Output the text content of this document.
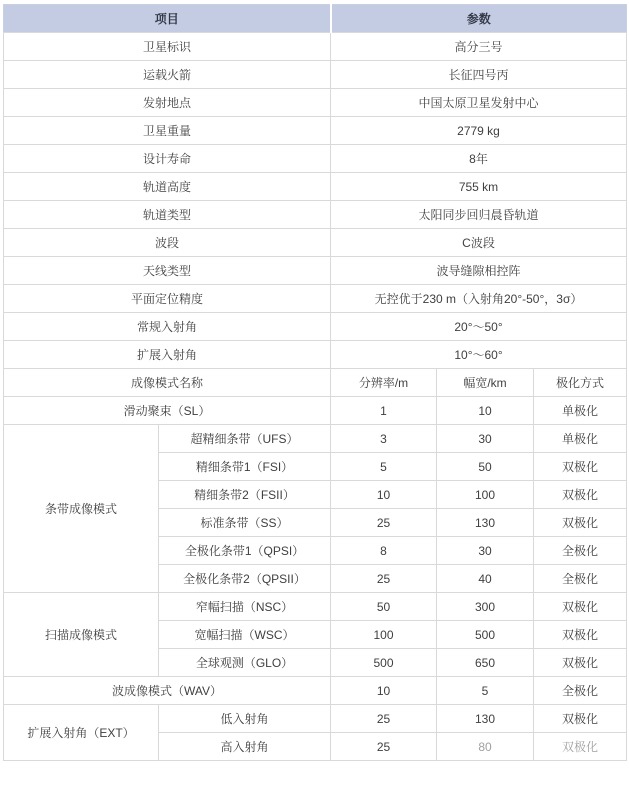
项目		参数		
卫星标识		高分三号		
运载火箭		长征四号丙		
发射地点		中国太原卫星发射中心		
卫星重量		2779 kg		
设计寿命		8年		
轨道高度		755 km		
轨道类型		太阳同步回归晨昏轨道		
波段		C波段		
天线类型		波导缝隙相控阵		
平面定位精度		无控优于230 m（入射角20°-50°，3σ）		
常规入射角		20°～50°		
扩展入射角		10°～60°		
成像模式名称		分辨率/m	幅宽/km	极化方式
滑动聚束（SL）		1	10	单极化
条带成像模式	超精细条带（UFS）	3	30	单极化
	精细条带1（FSI）	5	50	双极化
	精细条带2（FSII）	10	100	双极化
	标准条带（SS）	25	130	双极化
	全极化条带1（QPSI）	8	30	全极化
	全极化条带2（QPSII）	25	40	全极化
扫描成像模式	窄幅扫描（NSC）	50	300	双极化
	宽幅扫描（WSC）	100	500	双极化
	全球观测（GLO）	500	650	双极化
波成像模式（WAV）		10	5	全极化
扩展入射角（EXT）	低入射角	25	130	双极化
	高入射角	25	80	双极化
